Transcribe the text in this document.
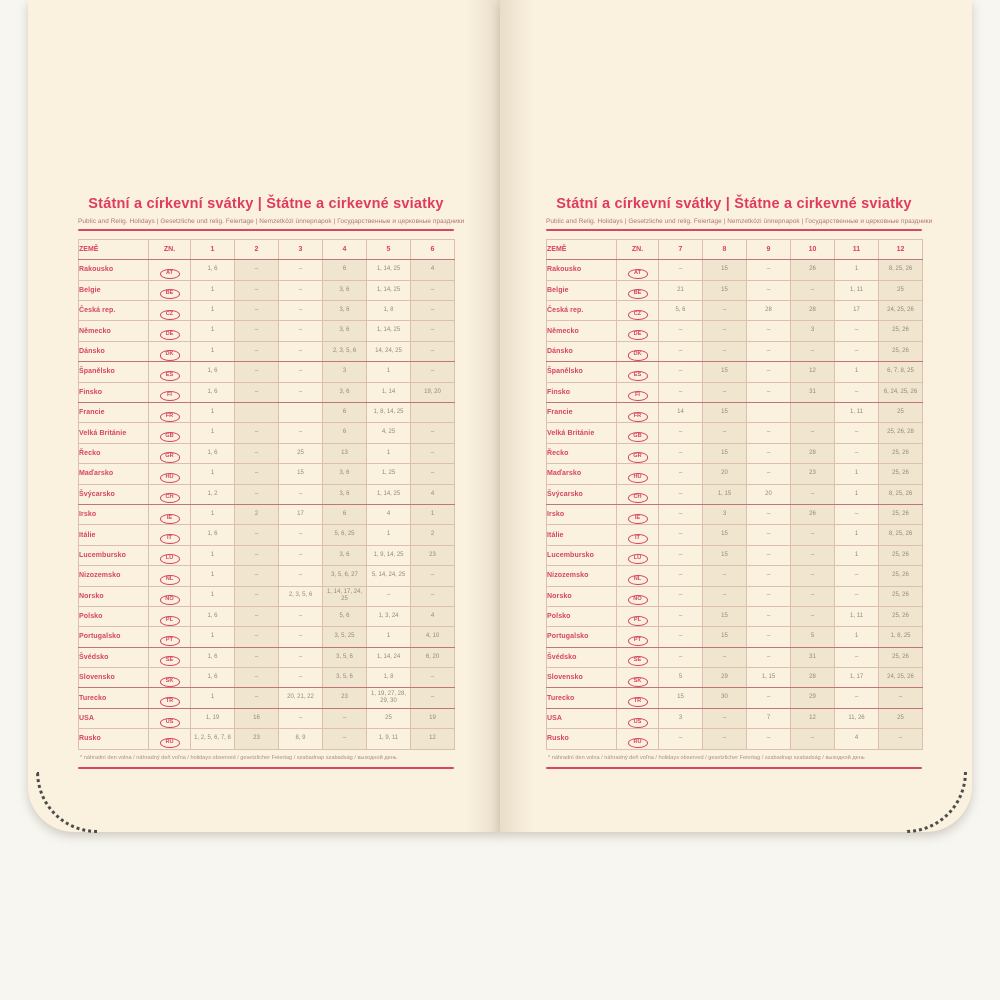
Státní a církevní svátky | Štátne a cirkevné sviatky
Public and Relig. Holidays | Gesetzliche und relig. Feiertage | Nemzetközi ünnepnapok | Государственные и церковные праздники
ZEMĚ	ZN.	1	2	3	4	5	6
Rakousko	AT	1, 6	–	–	6	1, 14, 25	4
Belgie	BE	1	–	–	3, 6	1, 14, 25	–
Česká rep.	CZ	1	–	–	3, 6	1, 8	–
Německo	DE	1	–	–	3, 6	1, 14, 25	–
Dánsko	DK	1	–	–	2, 3, 5, 6	14, 24, 25	–
Španělsko	ES	1, 6	–	–	3	1	–
Finsko	FI	1, 6	–	–	3, 6	1, 14	19, 20
Francie	FR	1			6	1, 8, 14, 25	
Velká Británie	GB	1	–	–	6	4, 25	–
Řecko	GR	1, 6	–	25	13	1	–
Maďarsko	HU	1	–	15	3, 6	1, 25	–
Švýcarsko	CH	1, 2	–	–	3, 6	1, 14, 25	4
Irsko	IE	1	2	17	6	4	1
Itálie	IT	1, 6	–	–	5, 6, 25	1	2
Lucembursko	LU	1	–	–	3, 6	1, 9, 14, 25	23
Nizozemsko	NL	1	–	–	3, 5, 6, 27	5, 14, 24, 25	–
Norsko	NO	1	–	2, 3, 5, 6	1, 14, 17, 24, 25	–	–
Polsko	PL	1, 6	–	–	5, 6	1, 3, 24	4
Portugalsko	PT	1	–	–	3, 5, 25	1	4, 10
Švédsko	SE	1, 6	–	–	3, 5, 6	1, 14, 24	6, 20
Slovensko	SK	1, 6	–	–	3, 5, 6	1, 8	–
Turecko	TR	1	–	20, 21, 22	23	1, 19, 27, 28, 29, 30	–
USA	US	1, 19	16	–	–	25	19
Rusko	RU	1, 2, 5, 6, 7, 8	23	8, 9	–	1, 9, 11	12
* náhradní den volna / náhradný deň voľna / holidays observed / gesetzlicher Feiertag / szabadnap szabadság / выходной день
Státní a církevní svátky | Štátne a cirkevné sviatky
Public and Relig. Holidays | Gesetzliche und relig. Feiertage | Nemzetközi ünnepnapok | Государственные и церковные праздники
ZEMĚ	ZN.	7	8	9	10	11	12
Rakousko	AT	–	15	–	26	1	8, 25, 26
Belgie	BE	21	15	–	–	1, 11	25
Česká rep.	CZ	5, 6	–	28	28	17	24, 25, 26
Německo	DE	–	–	–	3	–	25, 26
Dánsko	DK	–	–	–	–	–	25, 26
Španělsko	ES	–	15	–	12	1	6, 7, 8, 25
Finsko	FI	–	–	–	31	–	6, 24, 25, 26
Francie	FR	14	15			1, 11	25
Velká Británie	GB	–	–	–	–	–	25, 26, 28
Řecko	GR	–	15	–	28	–	25, 26
Maďarsko	HU	–	20	–	23	1	25, 26
Švýcarsko	CH	–	1, 15	20	–	1	8, 25, 26
Irsko	IE	–	3	–	26	–	25, 26
Itálie	IT	–	15	–	–	1	8, 25, 26
Lucembursko	LU	–	15	–	–	1	25, 26
Nizozemsko	NL	–	–	–	–	–	25, 26
Norsko	NO	–	–	–	–	–	25, 26
Polsko	PL	–	15	–	–	1, 11	25, 26
Portugalsko	PT	–	15	–	5	1	1, 8, 25
Švédsko	SE	–	–	–	31	–	25, 26
Slovensko	SK	5	29	1, 15	28	1, 17	24, 25, 26
Turecko	TR	15	30	–	29	–	–
USA	US	3	–	7	12	11, 26	25
Rusko	RU	–	–	–	–	4	–
* náhradní den volna / náhradný deň voľna / holidays observed / gesetzlicher Feiertag / szabadnap szabadság / выходной день
